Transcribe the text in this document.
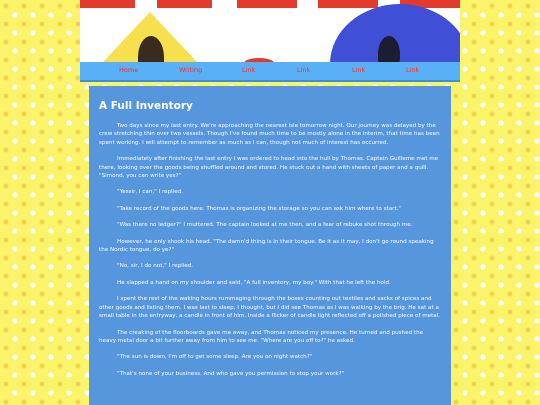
Home	Writing	Link	Link	Link	Link
A Full Inventory

Two days since my last entry. We're approaching the nearest isle tomorrow night. Our journey was delayed by the crew stretching thin over two vessels. Though I've found much time to be mostly alone in the interim, that time has been spent working. I will attempt to remember as much as I can, though not much of interest has occurred.

Immediately after finishing the last entry I was ordered to head into the hull by Thomas. Captain Guilleme met me there, looking over the goods being shuffled around and stored. He stuck out a hand with sheets of paper and a quill. "Simond, you can write yes?"

"Yessir, I can," I replied.

"Take record of the goods here. Thomas is organizing the storage so you can ask him where to start."

"Was there no ledger?" I muttered. The captain looked at me then, and a fear of rebuke shot through me.

However, he only shook his head. "The damn'd thing is in their tongue. Be it as it may, I don't go round speaking the Nordic tongue, do ye?"

"No, sir, I do not," I replied.

He slapped a hand on my shoulder and said, "A full inventory, my boy." With that he left the hold.

I spent the rest of the waking hours rummaging through the boxes counting out textiles and sacks of spices and other goods and listing them. I was last to sleep, I thought, but I did see Thomas as I was walking by the brig. He sat at a small table in the entryway, a candle in front of him. Inside a flicker of candle light reflected off a polished piece of metal.

The creaking of the floorboards gave me away, and Thomas noticed my presence. He turned and pushed the heavy metal door a bit further away from him to see me. "Where are you off to?" he asked.

"The sun is down, I'm off to get some sleep. Are you on night watch?"

"That's none of your business. And who gave you permission to stop your work?"
